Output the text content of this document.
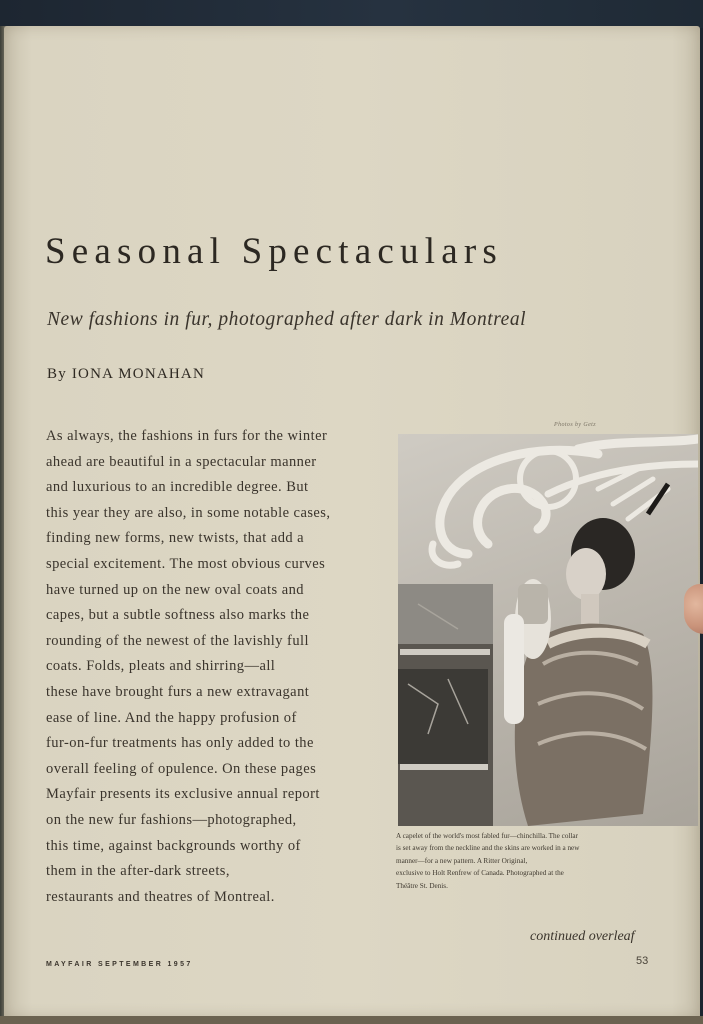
Seasonal Spectaculars
New fashions in fur, photographed after dark in Montreal
By IONA MONAHAN
As always, the fashions in furs for the winter
ahead are beautiful in a spectacular manner
and luxurious to an incredible degree. But
this year they are also, in some notable cases,
finding new forms, new twists, that add a
special excitement. The most obvious curves
have turned up on the new oval coats and
capes, but a subtle softness also marks the
rounding of the newest of the lavishly full
coats. Folds, pleats and shirring—all
these have brought furs a new extravagant
ease of line. And the happy profusion of
fur-on-fur treatments has only added to the
overall feeling of opulence. On these pages
Mayfair presents its exclusive annual report
on the new fur fashions—photographed,
this time, against backgrounds worthy of
them in the after-dark streets,
restaurants and theatres of Montreal.
Photos by Getz
A capelet of the world's most fabled fur—chinchilla. The collar
is set away from the neckline and the skins are worked in a new
manner—for a new pattern. A Ritter Original,
exclusive to Holt Renfrew of Canada. Photographed at the
Théâtre St. Denis.
continued overleaf
MAYFAIR SEPTEMBER 1957	53
